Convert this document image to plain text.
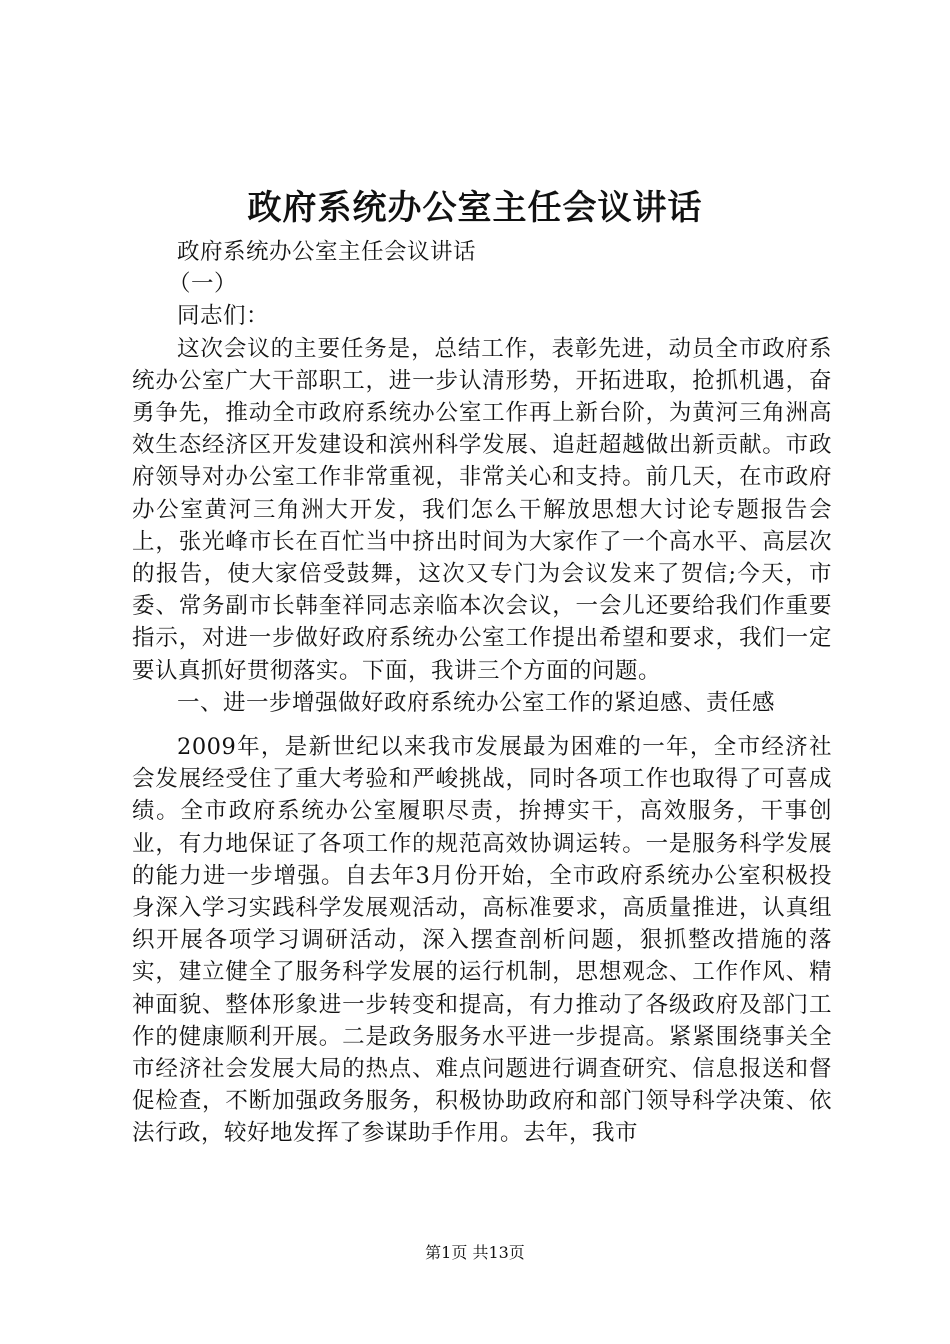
政府系统办公室主任会议讲话

政府系统办公室主任会议讲话

（一）

同志们：

这次会议的主要任务是，总结工作，表彰先进，动员全市政府系统办公室广大干部职工，进一步认清形势，开拓进取，抢抓机遇，奋勇争先，推动全市政府系统办公室工作再上新台阶，为黄河三角洲高效生态经济区开发建设和滨州科学发展、追赶超越做出新贡献。市政府领导对办公室工作非常重视，非常关心和支持。前几天，在市政府办公室黄河三角洲大开发，我们怎么干解放思想大讨论专题报告会上，张光峰市长在百忙当中挤出时间为大家作了一个高水平、高层次的报告，使大家倍受鼓舞，这次又专门为会议发来了贺信;今天，市委、常务副市长韩奎祥同志亲临本次会议，一会儿还要给我们作重要指示，对进一步做好政府系统办公室工作提出希望和要求，我们一定要认真抓好贯彻落实。下面，我讲三个方面的问题。

一、进一步增强做好政府系统办公室工作的紧迫感、责任感

2009年，是新世纪以来我市发展最为困难的一年，全市经济社会发展经受住了重大考验和严峻挑战，同时各项工作也取得了可喜成绩。全市政府系统办公室履职尽责，拚搏实干，高效服务，干事创业，有力地保证了各项工作的规范高效协调运转。一是服务科学发展的能力进一步增强。自去年3月份开始，全市政府系统办公室积极投身深入学习实践科学发展观活动，高标准要求，高质量推进，认真组织开展各项学习调研活动，深入摆查剖析问题，狠抓整改措施的落实，建立健全了服务科学发展的运行机制，思想观念、工作作风、精神面貌、整体形象进一步转变和提高，有力推动了各级政府及部门工作的健康顺利开展。二是政务服务水平进一步提高。紧紧围绕事关全市经济社会发展大局的热点、难点问题进行调查研究、信息报送和督促检查，不断加强政务服务，积极协助政府和部门领导科学决策、依法行政，较好地发挥了参谋助手作用。去年，我市

第1页 共13页
